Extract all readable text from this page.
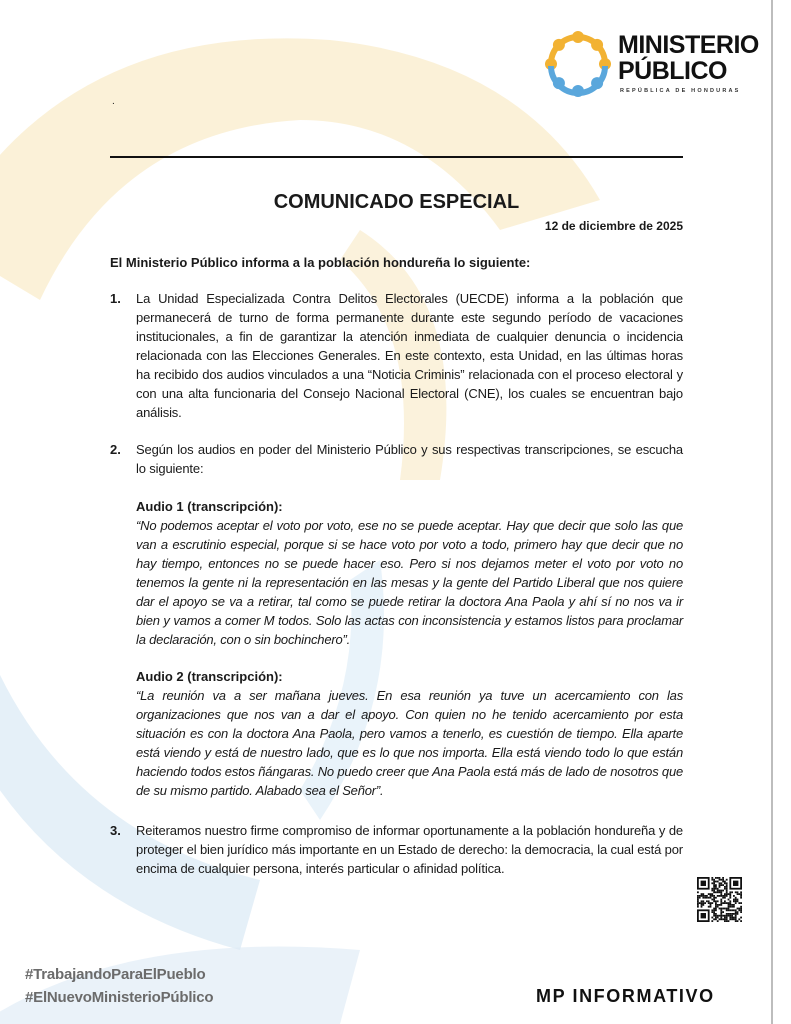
MINISTERIO
PÚBLICO
REPÚBLICA DE HONDURAS
.
COMUNICADO ESPECIAL
12 de diciembre de 2025
El Ministerio Público informa a la población hondureña lo siguiente:
1. La Unidad Especializada Contra Delitos Electorales (UECDE) informa a la población que permanecerá de turno de forma permanente durante este segundo período de vacaciones institucionales, a fin de garantizar la atención inmediata de cualquier denuncia o incidencia relacionada con las Elecciones Generales. En este contexto, esta Unidad, en las últimas horas ha recibido dos audios vinculados a una “Noticia Criminis” relacionada con el proceso electoral y con una alta funcionaria del Consejo Nacional Electoral (CNE), los cuales se encuentran bajo análisis.
2. Según los audios en poder del Ministerio Público y sus respectivas transcripciones, se escucha lo siguiente:
Audio 1 (transcripción):
“No podemos aceptar el voto por voto, ese no se puede aceptar. Hay que decir que solo las que van a escrutinio especial, porque si se hace voto por voto a todo, primero hay que decir que no hay tiempo, entonces no se puede hacer eso. Pero si nos dejamos meter el voto por voto no tenemos la gente ni la representación en las mesas y la gente del Partido Liberal que nos quiere dar el apoyo se va a retirar, tal como se puede retirar la doctora Ana Paola y ahí sí no nos va ir bien y vamos a comer M todos. Solo las actas con inconsistencia y estamos listos para proclamar la declaración, con o sin bochinchero”.
Audio 2 (transcripción):
“La reunión va a ser mañana jueves. En esa reunión ya tuve un acercamiento con las organizaciones que nos van a dar el apoyo. Con quien no he tenido acercamiento por esta situación es con la doctora Ana Paola, pero vamos a tenerlo, es cuestión de tiempo. Ella aparte está viendo y está de nuestro lado, que es lo que nos importa. Ella está viendo todo lo que están haciendo todos estos ñángaras. No puedo creer que Ana Paola está más de lado de nosotros que de su mismo partido. Alabado sea el Señor”.
3. Reiteramos nuestro firme compromiso de informar oportunamente a la población hondureña y de proteger el bien jurídico más importante en un Estado de derecho: la democracia, la cual está por encima de cualquier persona, interés particular o afinidad política.
#TrabajandoParaElPueblo
#ElNuevoMinisterioPúblico	MP INFORMATIVO
